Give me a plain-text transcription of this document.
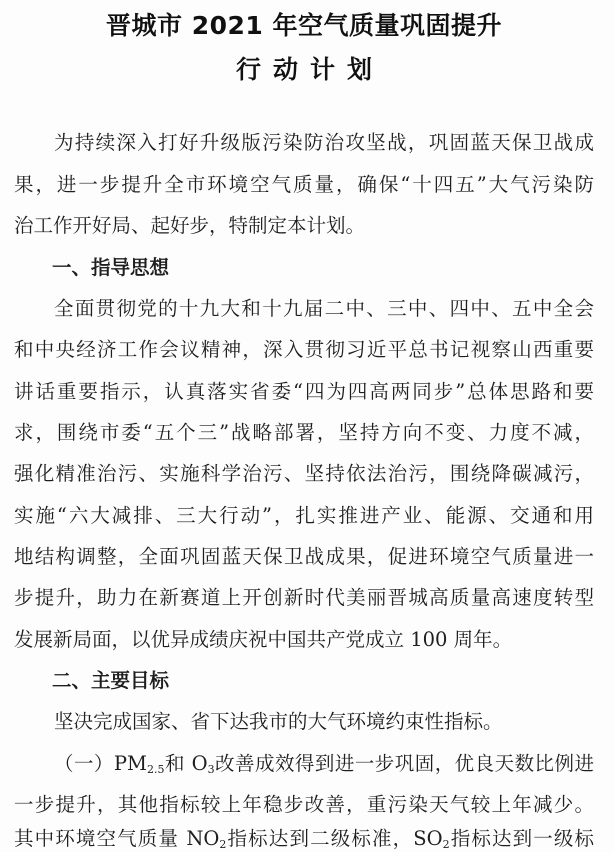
晋城市 2021 年空气质量巩固提升
行动计划
为持续深入打好升级版污染防治攻坚战，巩固蓝天保卫战成
果，进一步提升全市环境空气质量，确保“十四五”大气污染防
治工作开好局、起好步，特制定本计划。
一、指导思想
全面贯彻党的十九大和十九届二中、三中、四中、五中全会
和中央经济工作会议精神，深入贯彻习近平总书记视察山西重要
讲话重要指示，认真落实省委“四为四高两同步”总体思路和要
求，围绕市委“五个三”战略部署，坚持方向不变、力度不减，
强化精准治污、实施科学治污、坚持依法治污，围绕降碳减污，
实施“六大减排、三大行动”，扎实推进产业、能源、交通和用
地结构调整，全面巩固蓝天保卫战成果，促进环境空气质量进一
步提升，助力在新赛道上开创新时代美丽晋城高质量高速度转型
发展新局面，以优异成绩庆祝中国共产党成立 100 周年。
二、主要目标
坚决完成国家、省下达我市的大气环境约束性指标。
（一）$PM_{2.5}$和 $O_3$改善成效得到进一步巩固，优良天数比例进
一步提升，其他指标较上年稳步改善，重污染天气较上年减少。
其中环境空气质量 $NO_2$指标达到二级标准，$SO_2$指标达到一级标
